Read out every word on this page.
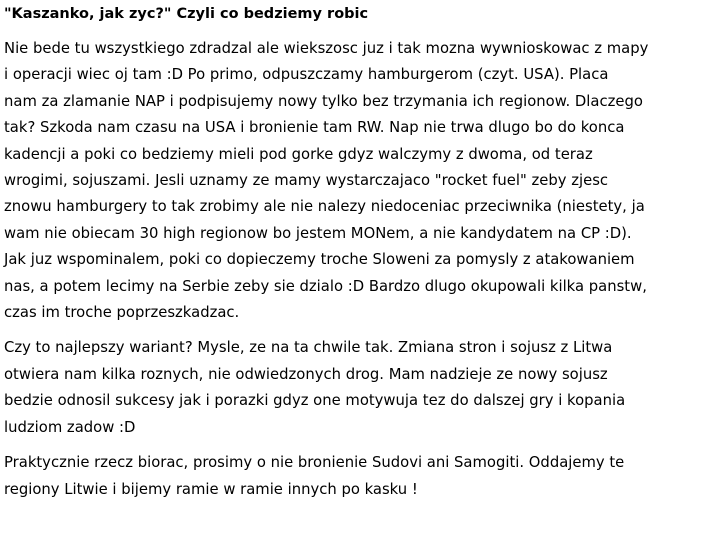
"Kaszanko, jak zyc?" Czyli co bedziemy robic
Nie bede tu wszystkiego zdradzal ale wiekszosc juz i tak mozna wywnioskowac z mapy
i operacji wiec oj tam :D Po primo, odpuszczamy hamburgerom (czyt. USA). Placa
nam za zlamanie NAP i podpisujemy nowy tylko bez trzymania ich regionow. Dlaczego
tak? Szkoda nam czasu na USA i bronienie tam RW. Nap nie trwa dlugo bo do konca
kadencji a poki co bedziemy mieli pod gorke gdyz walczymy z dwoma, od teraz
wrogimi, sojuszami. Jesli uznamy ze mamy wystarczajaco "rocket fuel" zeby zjesc
znowu hamburgery to tak zrobimy ale nie nalezy niedoceniac przeciwnika (niestety, ja
wam nie obiecam 30 high regionow bo jestem MONem, a nie kandydatem na CP :D).
Jak juz wspominalem, poki co dopieczemy troche Sloweni za pomysly z atakowaniem
nas, a potem lecimy na Serbie zeby sie dzialo :D Bardzo dlugo okupowali kilka panstw,
czas im troche poprzeszkadzac.
Czy to najlepszy wariant? Mysle, ze na ta chwile tak. Zmiana stron i sojusz z Litwa
otwiera nam kilka roznych, nie odwiedzonych drog. Mam nadzieje ze nowy sojusz
bedzie odnosil sukcesy jak i porazki gdyz one motywuja tez do dalszej gry i kopania
ludziom zadow :D
Praktycznie rzecz biorac, prosimy o nie bronienie Sudovi ani Samogiti. Oddajemy te
regiony Litwie i bijemy ramie w ramie innych po kasku !
